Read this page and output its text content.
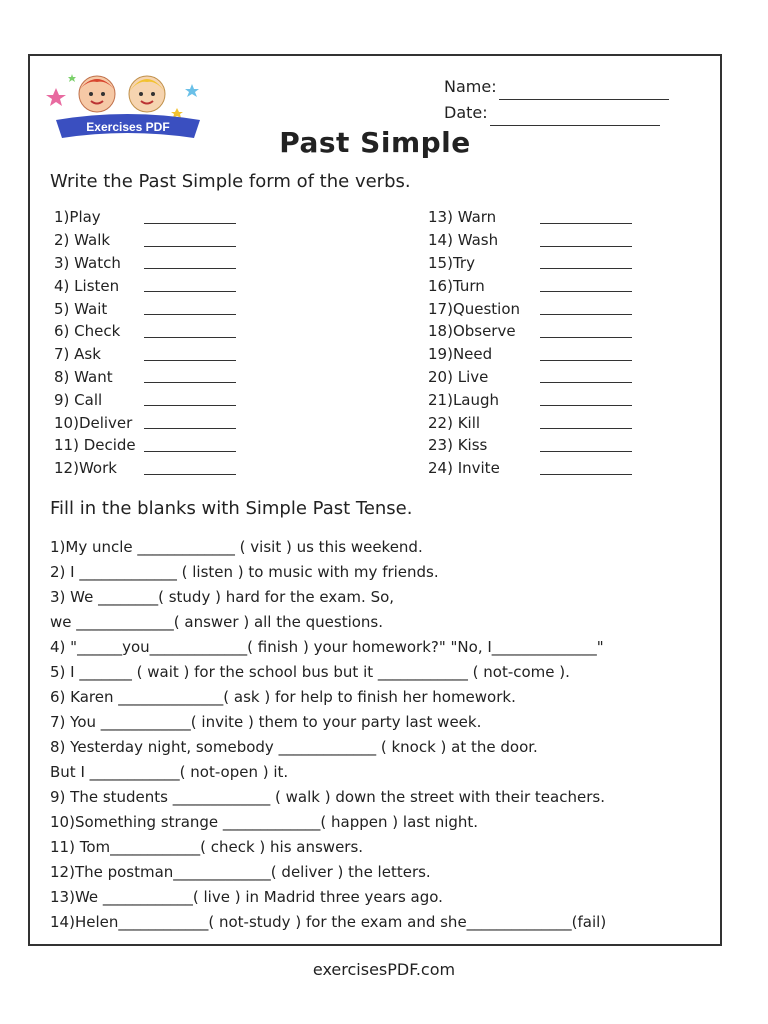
Exercises PDF
Name:
Date:
Past Simple
Write the Past Simple form of the verbs.
1)Play
2) Walk
3) Watch
4) Listen
5) Wait
6) Check
7) Ask
8) Want
9) Call
10)Deliver
11) Decide
12)Work
13) Warn
14) Wash
15)Try
16)Turn
17)Question
18)Observe
19)Need
20) Live
21)Laugh
22) Kill
23) Kiss
24) Invite
Fill in the blanks with Simple Past Tense.
1)My uncle _____________ ( visit ) us this weekend.
2) I _____________ ( listen ) to music with my friends.
3) We ________( study ) hard for the exam. So,
we _____________( answer ) all the questions.
4) "______you_____________( finish ) your homework?" "No, I______________"
5) I _______ ( wait ) for the school bus but it ____________ ( not-come ).
6) Karen ______________( ask ) for help to finish her homework.
7) You ____________( invite ) them to your party last week.
8) Yesterday night, somebody _____________ ( knock ) at the door.
But I ____________( not-open ) it.
9) The students _____________ ( walk ) down the street with their teachers.
10)Something strange _____________( happen ) last night.
11) Tom____________( check ) his answers.
12)The postman_____________( deliver ) the letters.
13)We ____________( live ) in Madrid three years ago.
14)Helen____________( not-study ) for the exam and she______________(fail)
exercisesPDF.com
